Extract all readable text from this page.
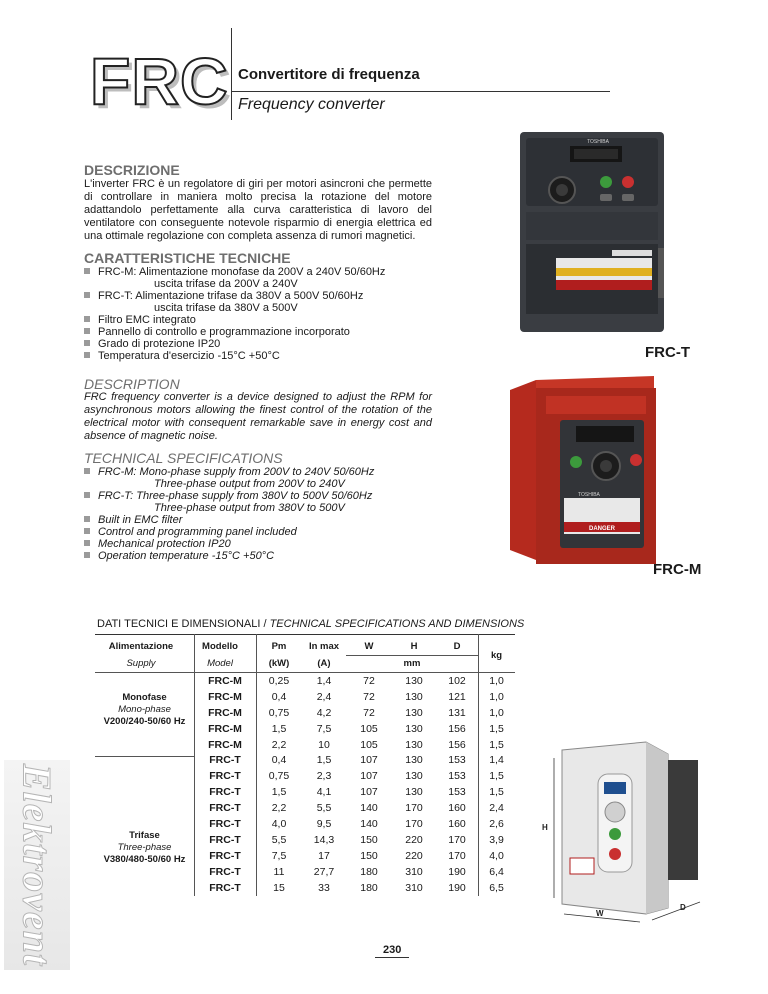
FRC Convertitore di frequenza
Frequency converter
DESCRIZIONE
L'inverter FRC è un regolatore di giri per motori asincroni che permette di controllare in maniera molto precisa la rotazione del motore adattandolo perfettamente alla curva caratteristica di lavoro del ventilatore con conseguente notevole risparmio di energia elettrica ed una ottimale regolazione con completa assenza di rumori magnetici.
CARATTERISTICHE TECNICHE
FRC-M: Alimentazione monofase da 200V a 240V 50/60Hz
uscita trifase da 200V a 240V
FRC-T: Alimentazione trifase da 380V a 500V 50/60Hz
uscita trifase da 380V a 500V
Filtro EMC integrato
Pannello di controllo e programmazione incorporato
Grado di protezione IP20
Temperatura d'esercizio -15°C +50°C
DESCRIPTION
FRC frequency converter is a device designed to adjust the RPM for asynchronous motors allowing the finest control of the rotation of the electrical motor with consequent remarkable save in energy cost and absence of magnetic noise.
TECHNICAL SPECIFICATIONS
FRC-M: Mono-phase supply from 200V to 240V 50/60Hz
Three-phase output from 200V to 240V
FRC-T: Three-phase supply from 380V to 500V 50/60Hz
Three-phase output from 380V to 500V
Built in EMC filter
Control and programming panel included
Mechanical protection IP20
Operation temperature -15°C +50°C
TOSHIBA
FRC-T
DANGER
TOSHIBA
FRC-M
H
W
D
DATI TECNICI E DIMENSIONALI / TECHNICAL SPECIFICATIONS AND DIMENSIONS
Alimentazione
Supply
Modello
Model
Pm
(kW)
In max
(A)
W	H	D
mm
kg
Monofase
Mono-phase
V200/240-50/60 Hz
Trifase
Three-phase
V380/480-50/60 Hz
FRC-M	0,25	1,4	72	130	102	1,0
FRC-M	0,4	2,4	72	130	121	1,0
FRC-M	0,75	4,2	72	130	131	1,0
FRC-M	1,5	7,5	105	130	156	1,5
FRC-M	2,2	10	105	130	156	1,5
FRC-T	0,4	1,5	107	130	153	1,4
FRC-T	0,75	2,3	107	130	153	1,5
FRC-T	1,5	4,1	107	130	153	1,5
FRC-T	2,2	5,5	140	170	160	2,4
FRC-T	4,0	9,5	140	170	160	2,6
FRC-T	5,5	14,3	150	220	170	3,9
FRC-T	7,5	17	150	220	170	4,0
FRC-T	11	27,7	180	310	190	6,4
FRC-T	15	33	180	310	190	6,5
Elektrovent	230
